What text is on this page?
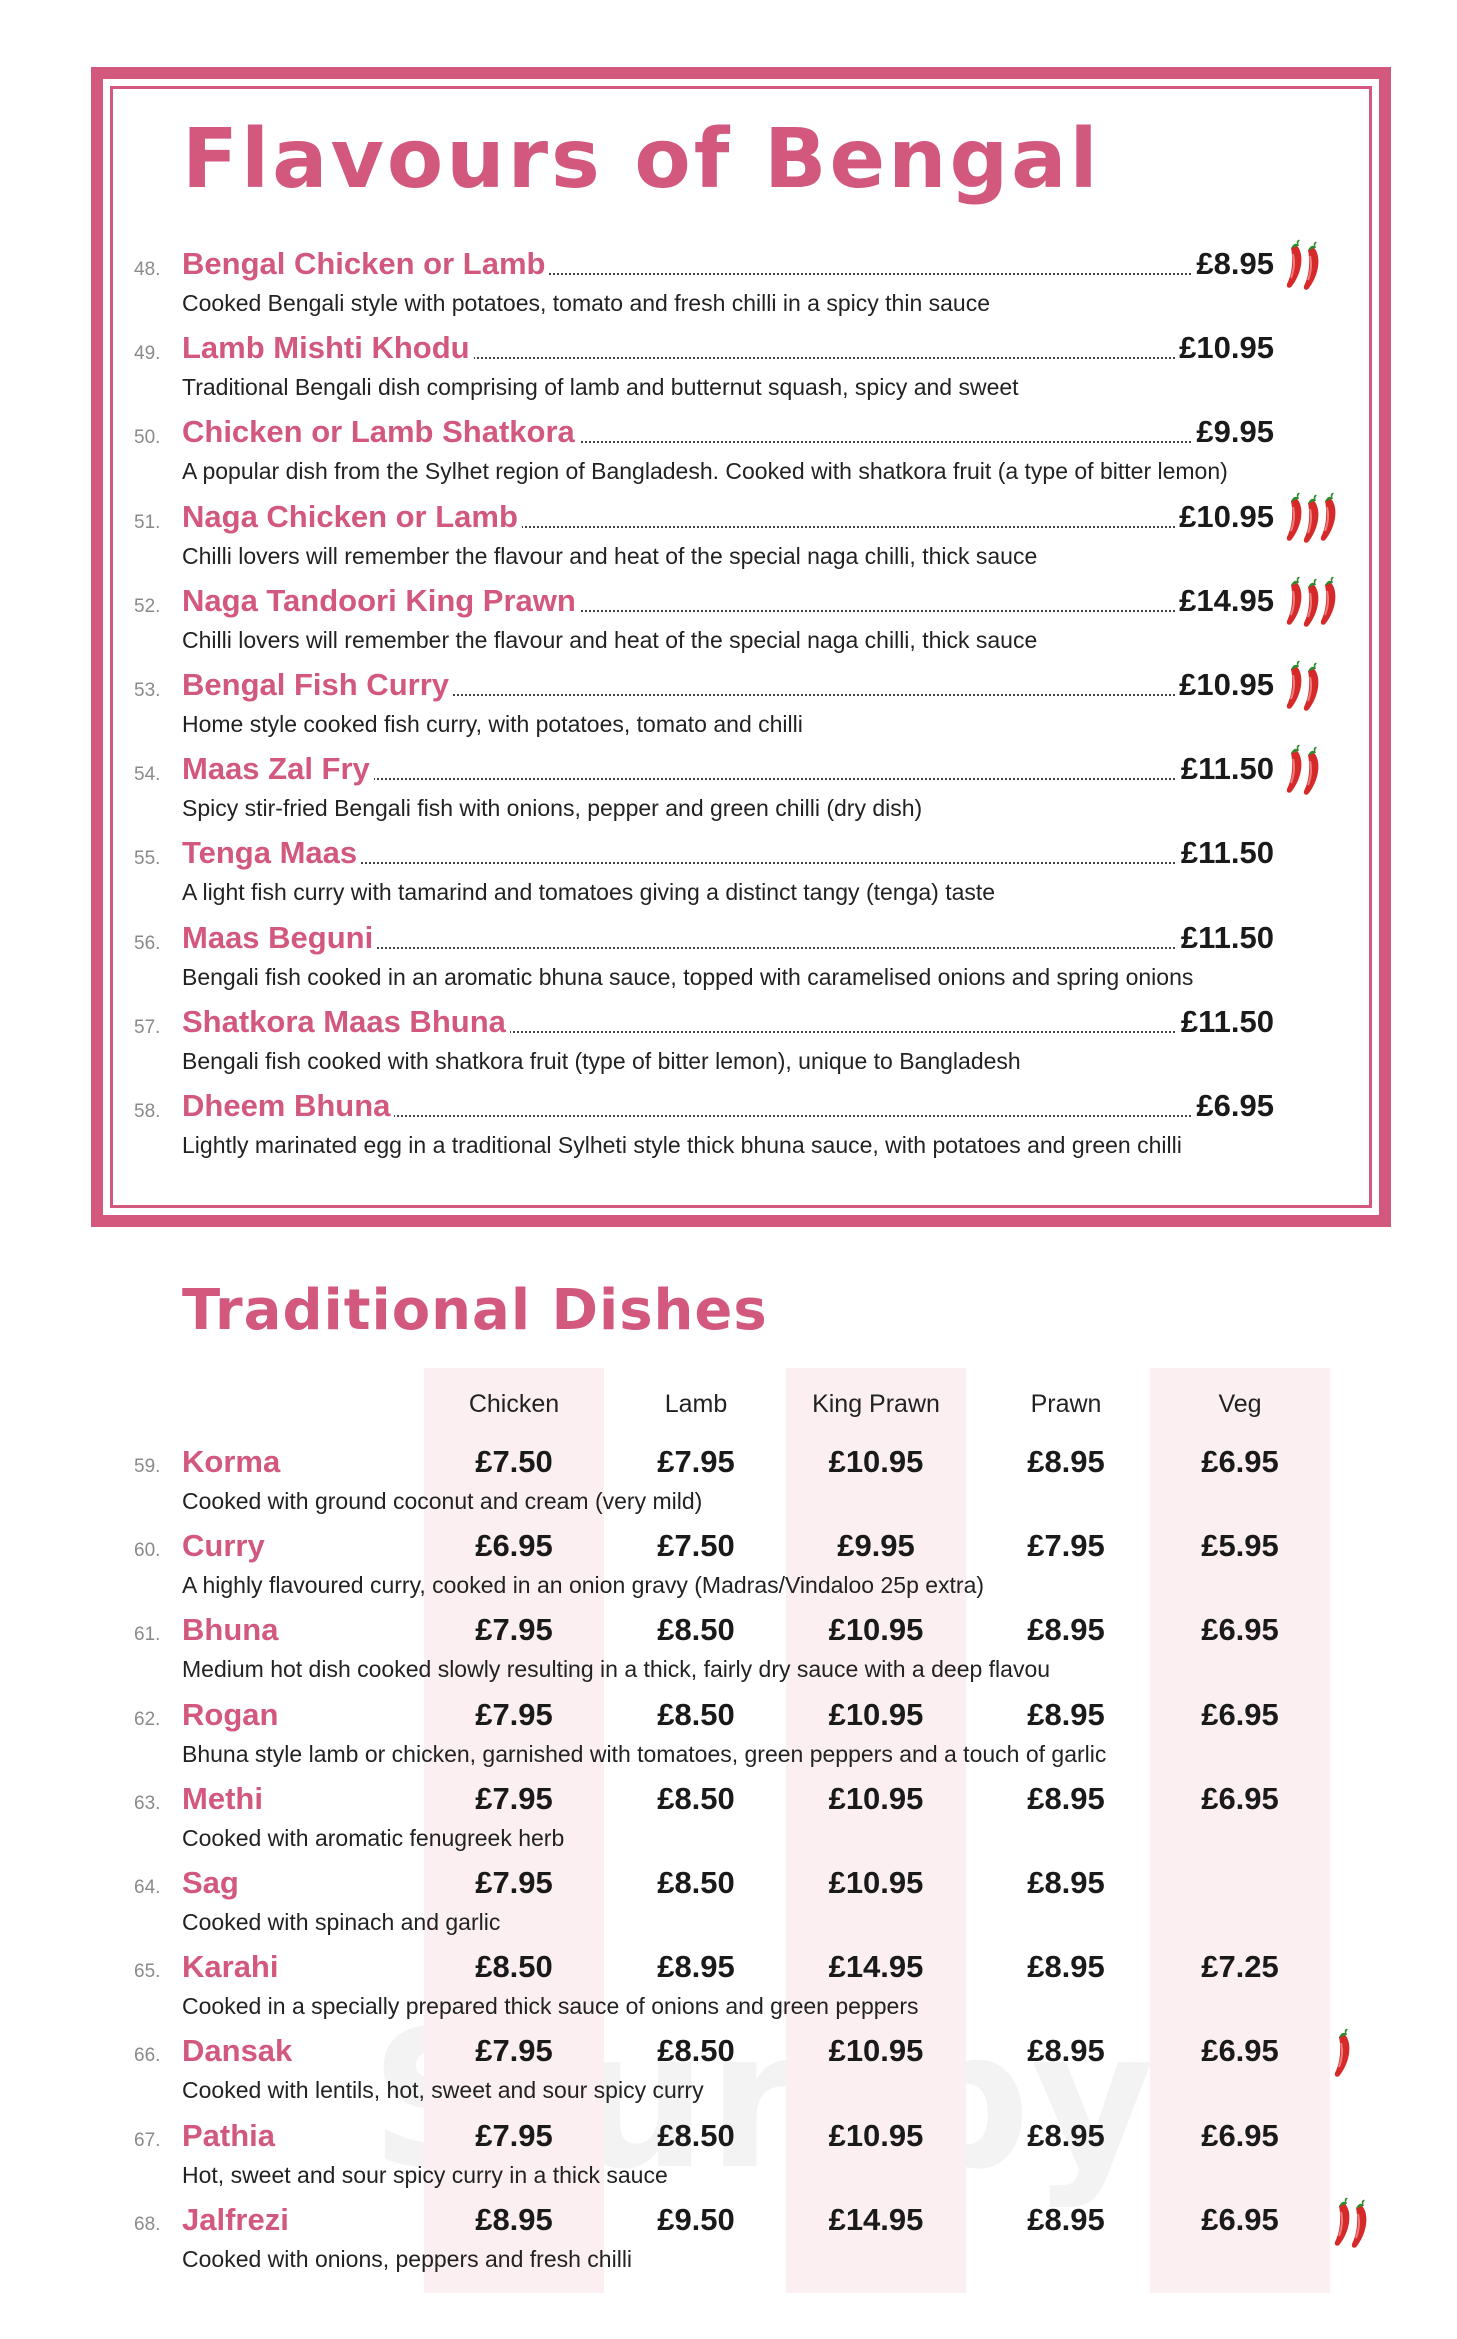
Flavours of Bengal
48. Bengal Chicken or Lamb	£8.95
Cooked Bengali style with potatoes, tomato and fresh chilli in a spicy thin sauce
49. Lamb Mishti Khodu	£10.95
Traditional Bengali dish comprising of lamb and butternut squash, spicy and sweet
50. Chicken or Lamb Shatkora	£9.95
A popular dish from the Sylhet region of Bangladesh. Cooked with shatkora fruit (a type of bitter lemon)
51. Naga Chicken or Lamb	£10.95
Chilli lovers will remember the flavour and heat of the special naga chilli, thick sauce
52. Naga Tandoori King Prawn	£14.95
Chilli lovers will remember the flavour and heat of the special naga chilli, thick sauce
53. Bengal Fish Curry	£10.95
Home style cooked fish curry, with potatoes, tomato and chilli
54. Maas Zal Fry	£11.50
Spicy stir-fried Bengali fish with onions, pepper and green chilli (dry dish)
55. Tenga Maas	£11.50
A light fish curry with tamarind and tomatoes giving a distinct tangy (tenga) taste
56. Maas Beguni	£11.50
Bengali fish cooked in an aromatic bhuna sauce, topped with caramelised onions and spring onions
57. Shatkora Maas Bhuna	£11.50
Bengali fish cooked with shatkora fruit (type of bitter lemon), unique to Bangladesh
58. Dheem Bhuna	£6.95
Lightly marinated egg in a traditional Sylheti style thick bhuna sauce, with potatoes and green chilli
Traditional Dishes
Chicken	Lamb	King Prawn	Prawn	Veg
59. Korma	£7.50	£7.95	£10.95	£8.95	£6.95
Cooked with ground coconut and cream (very mild)
60. Curry	£6.95	£7.50	£9.95	£7.95	£5.95
A highly flavoured curry, cooked in an onion gravy (Madras/Vindaloo 25p extra)
61. Bhuna	£7.95	£8.50	£10.95	£8.95	£6.95
Medium hot dish cooked slowly resulting in a thick, fairly dry sauce with a deep flavou
62. Rogan	£7.95	£8.50	£10.95	£8.95	£6.95
Bhuna style lamb or chicken, garnished with tomatoes, green peppers and a touch of garlic
63. Methi	£7.95	£8.50	£10.95	£8.95	£6.95
Cooked with aromatic fenugreek herb
64. Sag	£7.95	£8.50	£10.95	£8.95
Cooked with spinach and garlic
65. Karahi	£8.50	£8.95	£14.95	£8.95	£7.25
Cooked in a specially prepared thick sauce of onions and green peppers
66. Dansak	£7.95	£8.50	£10.95	£8.95	£6.95
Cooked with lentils, hot, sweet and sour spicy curry
67. Pathia	£7.95	£8.50	£10.95	£8.95	£6.95
Hot, sweet and sour spicy curry in a thick sauce
68. Jalfrezi	£8.95	£9.50	£14.95	£8.95	£6.95
Cooked with onions, peppers and fresh chilli
